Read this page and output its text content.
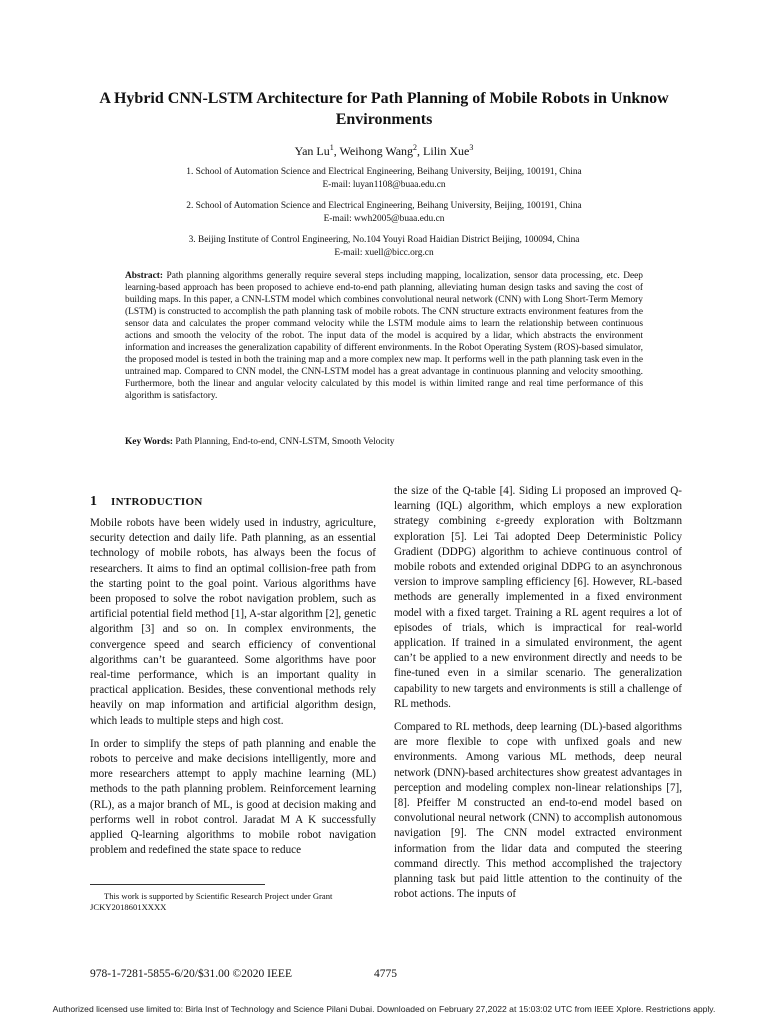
A Hybrid CNN-LSTM Architecture for Path Planning of Mobile Robots in Unknow Environments
Yan Lu$^1$, Weihong Wang$^2$, Lilin Xue$^3$
1. School of Automation Science and Electrical Engineering, Beihang University, Beijing, 100191, China
E-mail: luyan1108@buaa.edu.cn
2. School of Automation Science and Electrical Engineering, Beihang University, Beijing, 100191, China
E-mail: wwh2005@buaa.edu.cn
3. Beijing Institute of Control Engineering, No.104 Youyi Road Haidian District Beijing, 100094, China
E-mail: xuell@bicc.org.cn
Abstract: Path planning algorithms generally require several steps including mapping, localization, sensor data processing, etc. Deep learning-based approach has been proposed to achieve end-to-end path planning, alleviating human design tasks and saving the cost of building maps. In this paper, a CNN-LSTM model which combines convolutional neural network (CNN) with Long Short-Term Memory (LSTM) is constructed to accomplish the path planning task of mobile robots. The CNN structure extracts environment features from the sensor data and calculates the proper command velocity while the LSTM module aims to learn the relationship between continuous actions and smooth the velocity of the robot. The input data of the model is acquired by a lidar, which abstracts the environment information and increases the generalization capability of different environments. In the Robot Operating System (ROS)-based simulator, the proposed model is tested in both the training map and a more complex new map. It performs well in the path planning task even in the untrained map. Compared to CNN model, the CNN-LSTM model has a great advantage in continuous planning and velocity smoothing. Furthermore, both the linear and angular velocity calculated by this model is within limited range and real time performance of this algorithm is satisfactory.
Key Words: Path Planning, End-to-end, CNN-LSTM, Smooth Velocity
1 INTRODUCTION

Mobile robots have been widely used in industry, agriculture, security detection and daily life. Path planning, as an essential technology of mobile robots, has always been the focus of researchers. It aims to find an optimal collision-free path from the starting point to the goal point. Various algorithms have been proposed to solve the robot navigation problem, such as artificial potential field method [1], A-star algorithm [2], genetic algorithm [3] and so on. In complex environments, the convergence speed and search efficiency of conventional algorithms can’t be guaranteed. Some algorithms have poor real-time performance, which is an important quality in practical application. Besides, these conventional methods rely heavily on map information and artificial algorithm design, which leads to multiple steps and high cost.

In order to simplify the steps of path planning and enable the robots to perceive and make decisions intelligently, more and more researchers attempt to apply machine learning (ML) methods to the path planning problem. Reinforcement learning (RL), as a major branch of ML, is good at decision making and performs well in robot control. Jaradat M A K successfully applied Q-learning algorithms to mobile robot navigation problem and redefined the state space to reduce

the size of the Q-table [4]. Siding Li proposed an improved Q-learning (IQL) algorithm, which employs a new exploration strategy combining ε-greedy exploration with Boltzmann exploration [5]. Lei Tai adopted Deep Deterministic Policy Gradient (DDPG) algorithm to achieve continuous control of mobile robots and extended original DDPG to an asynchronous version to improve sampling efficiency [6]. However, RL-based methods are generally implemented in a fixed environment model with a fixed target. Training a RL agent requires a lot of episodes of trials, which is impractical for real-world application. If trained in a simulated environment, the agent can’t be applied to a new environment directly and needs to be fine-tuned even in a similar scenario. The generalization capability to new targets and environments is still a challenge of RL methods.

Compared to RL methods, deep learning (DL)-based algorithms are more flexible to cope with unfixed goals and new environments. Among various ML methods, deep neural network (DNN)-based architectures show greatest advantages in perception and modeling complex non-linear relationships [7], [8]. Pfeiffer M constructed an end-to-end model based on convolutional neural network (CNN) to accomplish autonomous navigation [9]. The CNN model extracted environment information from the lidar data and computed the steering command directly. This method accomplished the trajectory planning task but paid little attention to the continuity of the robot actions. The inputs of

This work is supported by Scientific Research Project under Grant JCKY2018601XXXX
978-1-7281-5855-6/20/$31.00 ©2020 IEEE	4775
Authorized licensed use limited to: Birla Inst of Technology and Science Pilani Dubai. Downloaded on February 27,2022 at 15:03:02 UTC from IEEE Xplore. Restrictions apply.
